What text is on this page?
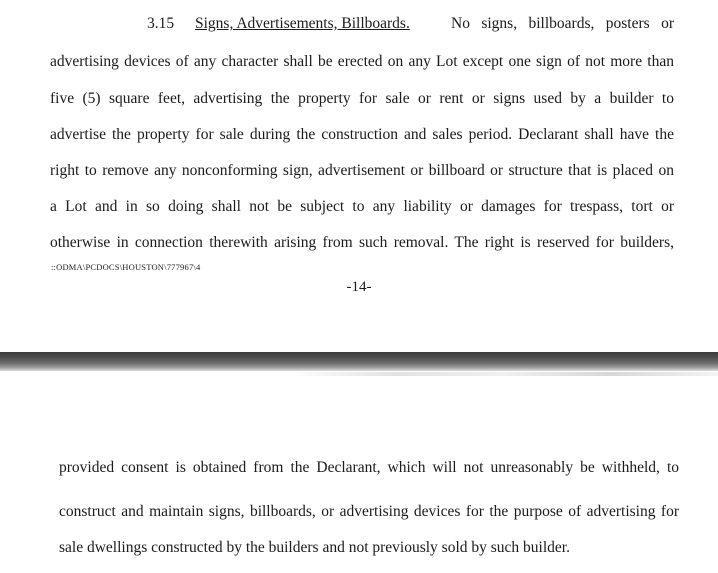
3.15 Signs, Advertisements, Billboards.	No signs, billboards, posters or
advertising devices of any character shall be erected on any Lot except one sign of not more than
five (5) square feet, advertising the property for sale or rent or signs used by a builder to
advertise the property for sale during the construction and sales period. Declarant shall have the
right to remove any nonconforming sign, advertisement or billboard or structure that is placed on
a Lot and in so doing shall not be subject to any liability or damages for trespass, tort or
otherwise in connection therewith arising from such removal. The right is reserved for builders,
::ODMA\PCDOCS\HOUSTON\777967\4
-14-
provided consent is obtained from the Declarant, which will not unreasonably be withheld, to
construct and maintain signs, billboards, or advertising devices for the purpose of advertising for
sale dwellings constructed by the builders and not previously sold by such builder.
